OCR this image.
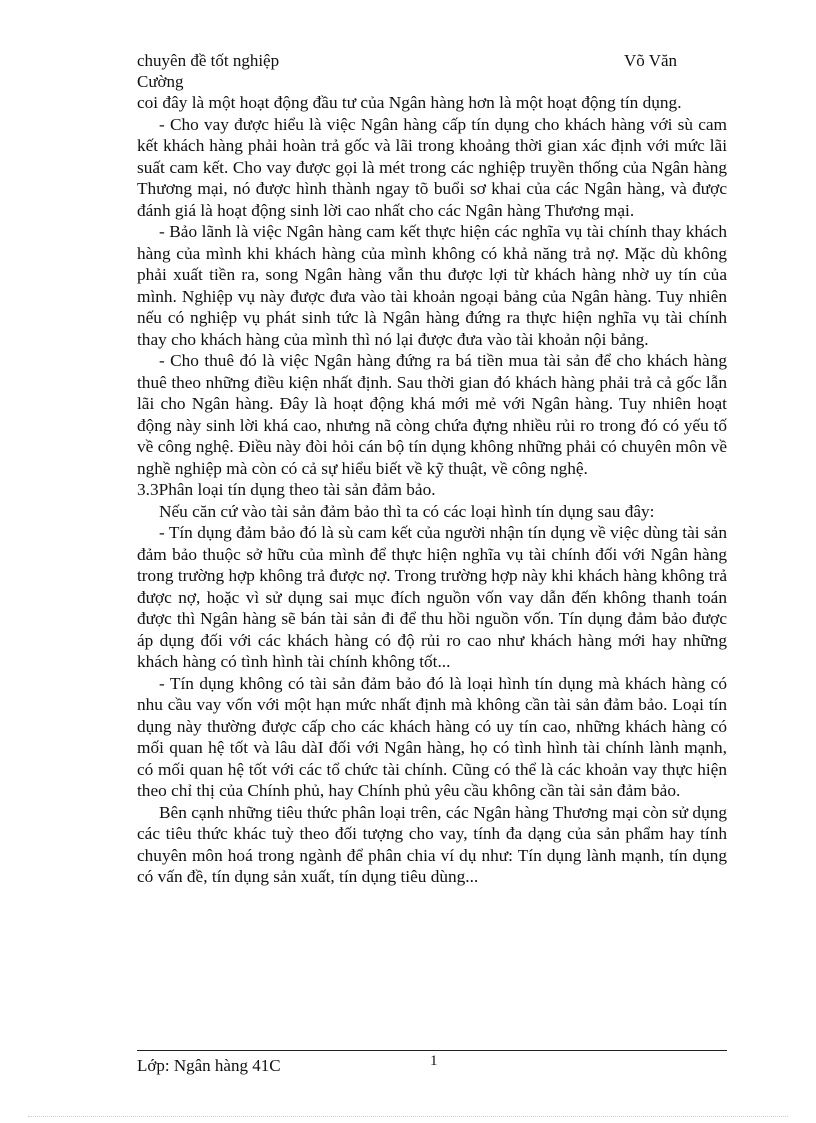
chuyên đề tốt nghiệp
Cường
Võ Văn

coi đây là một hoạt động đầu tư của Ngân hàng hơn là một hoạt động tín dụng.

- Cho vay được hiểu là việc Ngân hàng cấp tín dụng cho khách hàng với sù cam kết khách hàng phải hoàn trả gốc và lãi trong khoảng thời gian xác định với mức lãi suất cam kết. Cho vay được gọi là mét trong các nghiệp truyền thống của Ngân hàng Thương mại, nó được hình thành ngay tõ buổi sơ khai của các Ngân hàng, và được đánh giá là hoạt động sinh lời cao nhất cho các Ngân hàng Thương mại.

- Bảo lãnh là việc Ngân hàng cam kết thực hiện các nghĩa vụ tài chính thay khách hàng của mình khi khách hàng của mình không có khả năng trả nợ. Mặc dù không phải xuất tiền ra, song Ngân hàng vẫn thu được lợi từ khách hàng nhờ uy tín của mình. Nghiệp vụ này được đưa vào tài khoản ngoại bảng của Ngân hàng. Tuy nhiên nếu có nghiệp vụ phát sinh tức là Ngân hàng đứng ra thực hiện nghĩa vụ tài chính thay cho khách hàng của mình thì nó lại được đưa vào tài khoản nội bảng.

- Cho thuê đó là việc Ngân hàng đứng ra bá tiền mua tài sản để cho khách hàng thuê theo những điều kiện nhất định. Sau thời gian đó khách hàng phải trả cả gốc lẫn lãi cho Ngân hàng. Đây là hoạt động khá mới mẻ với Ngân hàng. Tuy nhiên hoạt động này sinh lời khá cao, nhưng nã còng chứa đựng nhiều rủi ro trong đó có yếu tố về công nghệ. Điều này đòi hỏi cán bộ tín dụng không những phải có chuyên môn về nghề nghiệp mà còn có cả sự hiểu biết về kỹ thuật, về công nghệ.

3.3Phân loại tín dụng theo tài sản đảm bảo.

Nếu căn cứ vào tài sản đảm bảo thì ta có các loại hình tín dụng sau đây:

- Tín dụng đảm bảo đó là sù cam kết của người nhận tín dụng về việc dùng tài sản đảm bảo thuộc sở hữu của mình để thực hiện nghĩa vụ tài chính đối với Ngân hàng trong trường hợp không trả được nợ. Trong trường hợp này khi khách hàng không trả được nợ, hoặc vì sử dụng sai mục đích nguồn vốn vay dẫn đến không thanh toán được thì Ngân hàng sẽ bán tài sản đi để thu hồi nguồn vốn. Tín dụng đảm bảo được áp dụng đối với các khách hàng có độ rủi ro cao như khách hàng mới hay những khách hàng có tình hình tài chính không tốt...

- Tín dụng không có tài sản đảm bảo đó là loại hình tín dụng mà khách hàng có nhu cầu vay vốn với một hạn mức nhất định mà không cần tài sản đảm bảo. Loại tín dụng này thường được cấp cho các khách hàng có uy tín cao, những khách hàng có mối quan hệ tốt và lâu dàI đối với Ngân hàng, họ có tình hình tài chính lành mạnh, có mối quan hệ tốt với các tổ chức tài chính. Cũng có thể là các khoản vay thực hiện theo chỉ thị của Chính phủ, hay Chính phủ yêu cầu không cần tài sản đảm bảo.

Bên cạnh những tiêu thức phân loại trên, các Ngân hàng Thương mại còn sử dụng các tiêu thức khác tuỳ theo đối tượng cho vay, tính đa dạng của sản phẩm hay tính chuyên môn hoá trong ngành để phân chia ví dụ như: Tín dụng lành mạnh, tín dụng có vấn đề, tín dụng sản xuất, tín dụng tiêu dùng...

Lớp: Ngân hàng 41C	1
